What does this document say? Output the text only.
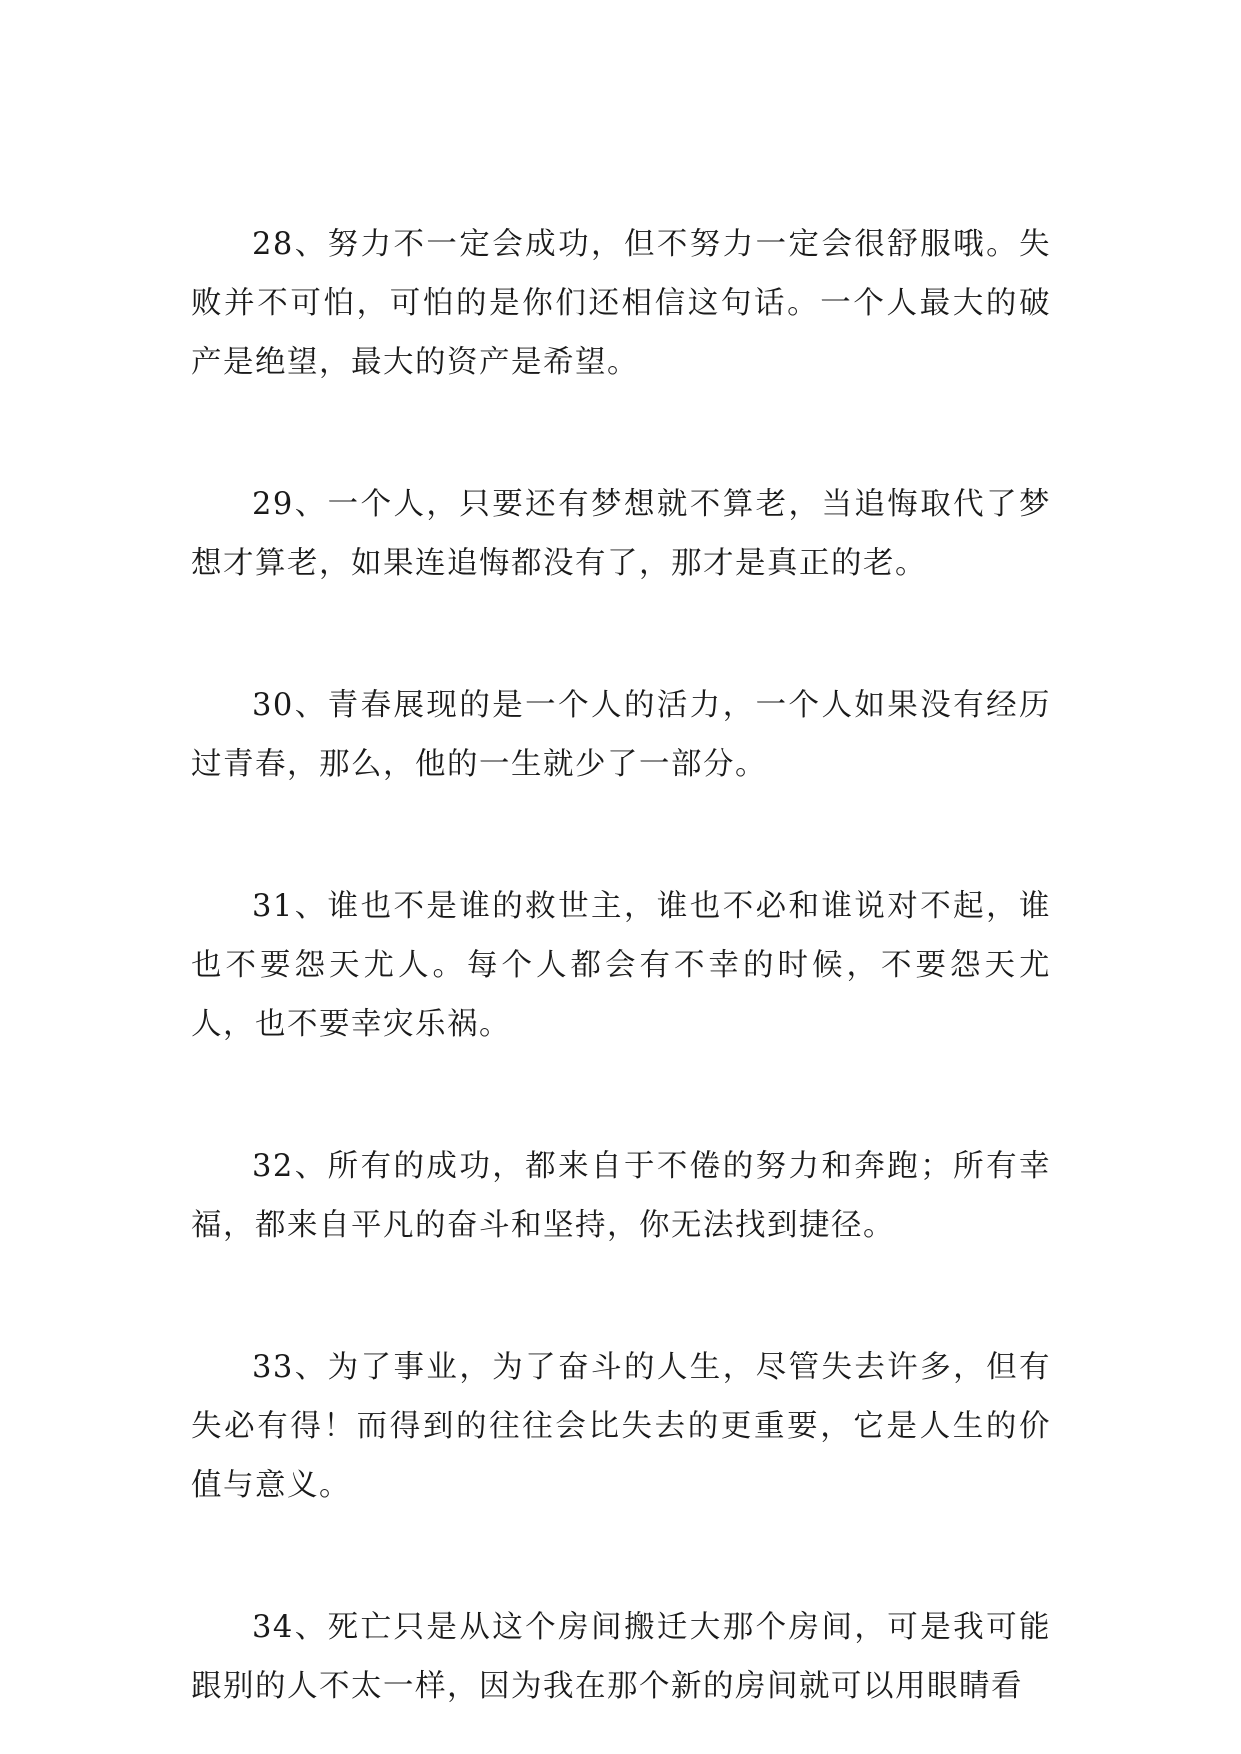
28、努力不一定会成功，但不努力一定会很舒服哦。失败并不可怕，可怕的是你们还相信这句话。一个人最大的破产是绝望，最大的资产是希望。

29、一个人，只要还有梦想就不算老，当追悔取代了梦想才算老，如果连追悔都没有了，那才是真正的老。

30、青春展现的是一个人的活力，一个人如果没有经历过青春，那么，他的一生就少了一部分。

31、谁也不是谁的救世主，谁也不必和谁说对不起，谁也不要怨天尤人。每个人都会有不幸的时候，不要怨天尤人，也不要幸灾乐祸。

32、所有的成功，都来自于不倦的努力和奔跑；所有幸福，都来自平凡的奋斗和坚持，你无法找到捷径。

33、为了事业，为了奋斗的人生，尽管失去许多，但有失必有得！而得到的往往会比失去的更重要，它是人生的价值与意义。

34、死亡只是从这个房间搬迁大那个房间，可是我可能跟别的人不太一样，因为我在那个新的房间就可以用眼睛看
